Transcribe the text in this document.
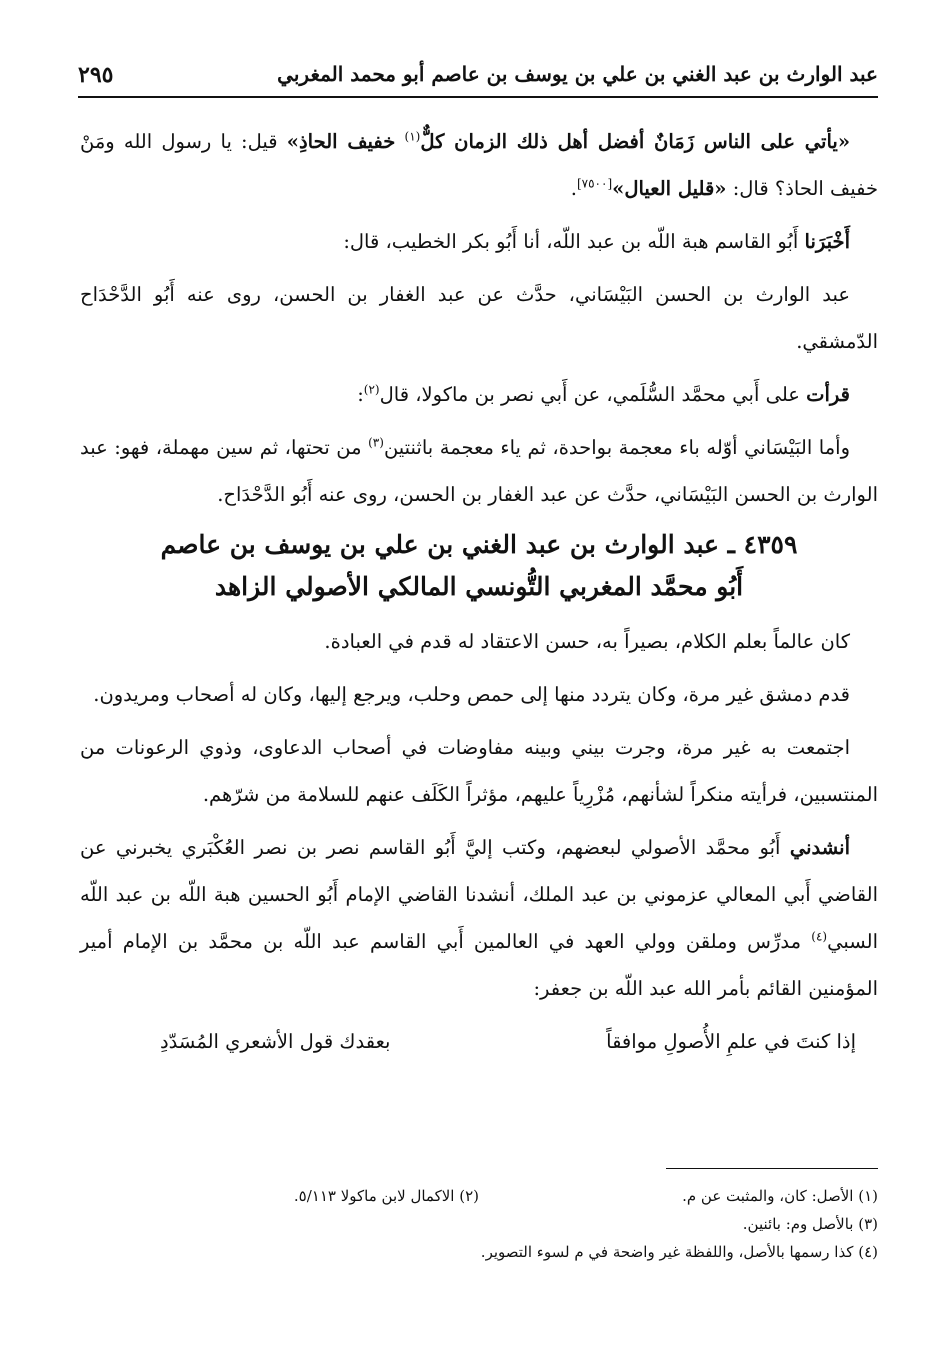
عبد الوارث بن عبد الغني بن علي بن يوسف بن عاصم أبو محمد المغربي
٢٩٥

«يأتي على الناس زَمَانٌ أفضل أهل ذلك الزمان كلٌّ$^{(١)}$ خفيف الحاذِ» قيل: يا رسول الله ومَنْ خفيف الحاذ؟ قال: «قليل العيال»[٧٥٠٠].

أَخْبَرَنا أَبُو القاسم هبة اللّه بن عبد اللّه، أنا أَبُو بكر الخطيب، قال:

عبد الوارث بن الحسن البَيْسَاني، حدَّث عن عبد الغفار بن الحسن، روى عنه أَبُو الدَّحْدَاح الدّمشقي.

قرأت على أَبي محمَّد السُّلَمي، عن أَبي نصر بن ماكولا، قال$^{(٢)}$:

وأما البَيْسَاني أوّله باء معجمة بواحدة، ثم ياء معجمة باثنتين$^{(٣)}$ من تحتها، ثم سين مهملة، فهو: عبد الوارث بن الحسن البَيْسَاني، حدَّث عن عبد الغفار بن الحسن، روى عنه أَبُو الدَّحْدَاح.

٤٣٥٩ ـ عبد الوارث بن عبد الغني بن علي بن يوسف بن عاصم
أَبُو محمَّد المغربي التُّونسي المالكي الأصولي الزاهد

كان عالماً بعلم الكلام، بصيراً به، حسن الاعتقاد له قدم في العبادة.

قدم دمشق غير مرة، وكان يتردد منها إلى حمص وحلب، ويرجع إليها، وكان له أصحاب ومريدون.

اجتمعت به غير مرة، وجرت بيني وبينه مفاوضات في أصحاب الدعاوى، وذوي الرعونات من المنتسبين، فرأيته منكراً لشأنهم، مُزْرِياً عليهم، مؤثراً الكَلَف عنهم للسلامة من شرّهم.

أنشدني أَبُو محمَّد الأصولي لبعضهم، وكتب إليَّ أَبُو القاسم نصر بن نصر العُكْبَري يخبرني عن القاضي أَبي المعالي عزموني بن عبد الملك، أنشدنا القاضي الإمام أَبُو الحسين هبة اللّه بن عبد اللّه السبي$^{(٤)}$ مدرِّس وملقن وولي العهد في العالمين أَبي القاسم عبد اللّه بن محمَّد بن الإمام أمير المؤمنين القائم بأمر الله عبد اللّه بن جعفر:

إذا كنتَ في علمِ الأُصولِ موافقاً
بعقدك قول الأشعري المُسَدّدِ
(١) الأصل: كان، والمثبت عن م.
(٢) الاكمال لابن ماكولا ٥/١١٣.
(٣) بالأصل وم: بائنين.
(٤) كذا رسمها بالأصل، واللفظة غير واضحة في م لسوء التصوير.
